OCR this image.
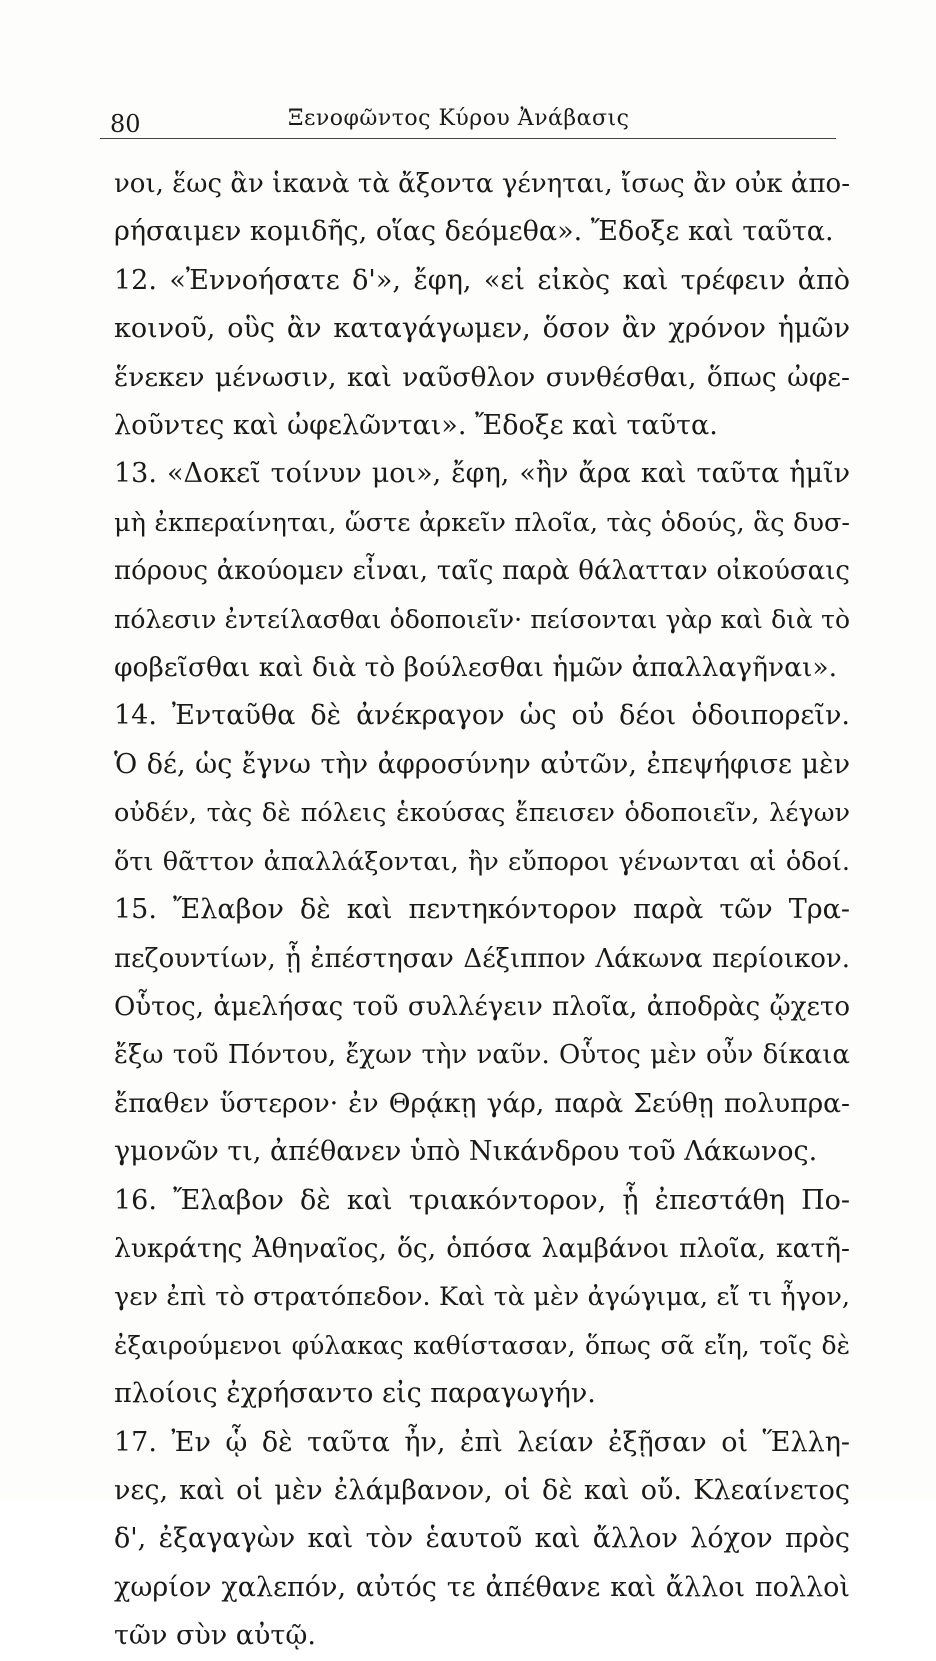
80	Ξενοφῶντος Κύρου Ἀνάβασις
νοι, ἕως ἂν ἱκανὰ τὰ ἄξοντα γένηται, ἴσως ἂν οὐκ ἀπο-
ρήσαιμεν κομιδῆς, οἵας δεόμεθα». Ἔδοξε καὶ ταῦτα.
12. «Ἐννοήσατε δ'», ἔφη, «εἰ εἰκὸς καὶ τρέφειν ἀπὸ
κοινοῦ, οὓς ἂν καταγάγωμεν, ὅσον ἂν χρόνον ἡμῶν
ἕνεκεν μένωσιν, καὶ ναῦσθλον συνθέσθαι, ὅπως ὠφε-
λοῦντες καὶ ὠφελῶνται». Ἔδοξε καὶ ταῦτα.
13. «Δοκεῖ τοίνυν μοι», ἔφη, «ἢν ἄρα καὶ ταῦτα ἡμῖν
μὴ ἐκπεραίνηται, ὥστε ἀρκεῖν πλοῖα, τὰς ὁδούς, ἃς δυσ-
πόρους ἀκούομεν εἶναι, ταῖς παρὰ θάλατταν οἰκούσαις
πόλεσιν ἐντείλασθαι ὁδοποιεῖν· πείσονται γὰρ καὶ διὰ τὸ
φοβεῖσθαι καὶ διὰ τὸ βούλεσθαι ἡμῶν ἀπαλλαγῆναι».
14. Ἐνταῦθα δὲ ἀνέκραγον ὡς οὐ δέοι ὁδοιπορεῖν.
Ὁ δέ, ὡς ἔγνω τὴν ἀφροσύνην αὐτῶν, ἐπεψήφισε μὲν
οὐδέν, τὰς δὲ πόλεις ἑκούσας ἔπεισεν ὁδοποιεῖν, λέγων
ὅτι θᾶττον ἀπαλλάξονται, ἢν εὔποροι γένωνται αἱ ὁδοί.
15. Ἔλαβον δὲ καὶ πεντηκόντορον παρὰ τῶν Τρα-
πεζουντίων, ᾗ ἐπέστησαν Δέξιππον Λάκωνα περίοικον.
Οὗτος, ἀμελήσας τοῦ συλλέγειν πλοῖα, ἀποδρὰς ᾤχετο
ἔξω τοῦ Πόντου, ἔχων τὴν ναῦν. Οὗτος μὲν οὖν δίκαια
ἔπαθεν ὕστερον· ἐν Θρᾴκῃ γάρ, παρὰ Σεύθῃ πολυπρα-
γμονῶν τι, ἀπέθανεν ὑπὸ Νικάνδρου τοῦ Λάκωνος.
16. Ἔλαβον δὲ καὶ τριακόντορον, ᾗ ἐπεστάθη Πο-
λυκράτης Ἀθηναῖος, ὅς, ὁπόσα λαμβάνοι πλοῖα, κατῆ-
γεν ἐπὶ τὸ στρατόπεδον. Καὶ τὰ μὲν ἀγώγιμα, εἴ τι ἦγον,
ἐξαιρούμενοι φύλακας καθίστασαν, ὅπως σᾶ εἴη, τοῖς δὲ
πλοίοις ἐχρήσαντο εἰς παραγωγήν.
17. Ἐν ᾧ δὲ ταῦτα ἦν, ἐπὶ λείαν ἐξῇσαν οἱ Ἕλλη-
νες, καὶ οἱ μὲν ἐλάμβανον, οἱ δὲ καὶ οὔ. Κλεαίνετος
δ', ἐξαγαγὼν καὶ τὸν ἑαυτοῦ καὶ ἄλλον λόχον πρὸς
χωρίον χαλεπόν, αὐτός τε ἀπέθανε καὶ ἄλλοι πολλοὶ
τῶν σὺν αὐτῷ.
